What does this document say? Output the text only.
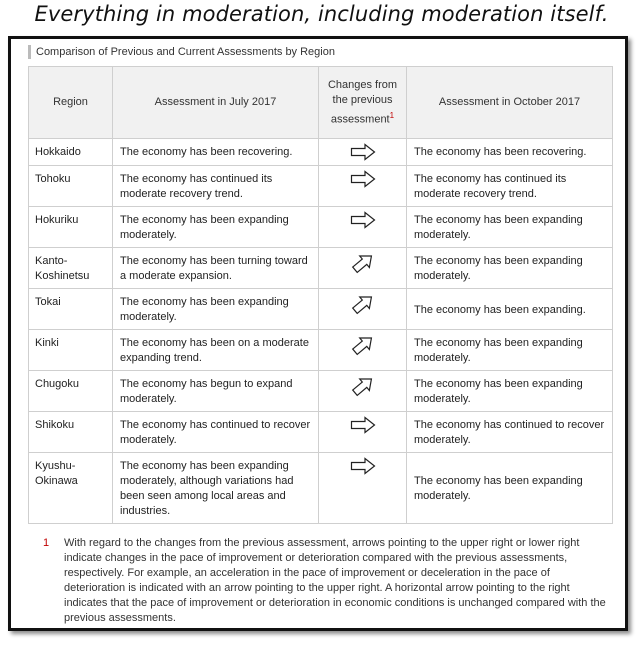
Everything in moderation, including moderation itself.
Comparison of Previous and Current Assessments by Region
Region	Assessment in July 2017	Changes from the previous assessment$^1$	Assessment in October 2017
Hokkaido	The economy has been recovering.		The economy has been recovering.
Tohoku	The economy has continued its moderate recovery trend.		The economy has continued its moderate recovery trend.
Hokuriku	The economy has been expanding moderately.		The economy has been expanding moderately.
Kanto-Koshinetsu	The economy has been turning toward a moderate expansion.		The economy has been expanding moderately.
Tokai	The economy has been expanding moderately.		The economy has been expanding.
Kinki	The economy has been on a moderate expanding trend.		The economy has been expanding moderately.
Chugoku	The economy has begun to expand moderately.		The economy has been expanding moderately.
Shikoku	The economy has continued to recover moderately.		The economy has continued to recover moderately.
Kyushu-Okinawa	The economy has been expanding moderately, although variations had been seen among local areas and industries.		The economy has been expanding moderately.
1	With regard to the changes from the previous assessment, arrows pointing to the upper right or lower right indicate changes in the pace of improvement or deterioration compared with the previous assessments, respectively. For example, an acceleration in the pace of improvement or deceleration in the pace of deterioration is indicated with an arrow pointing to the upper right. A horizontal arrow pointing to the right indicates that the pace of improvement or deterioration in economic conditions is unchanged compared with the previous assessments.
